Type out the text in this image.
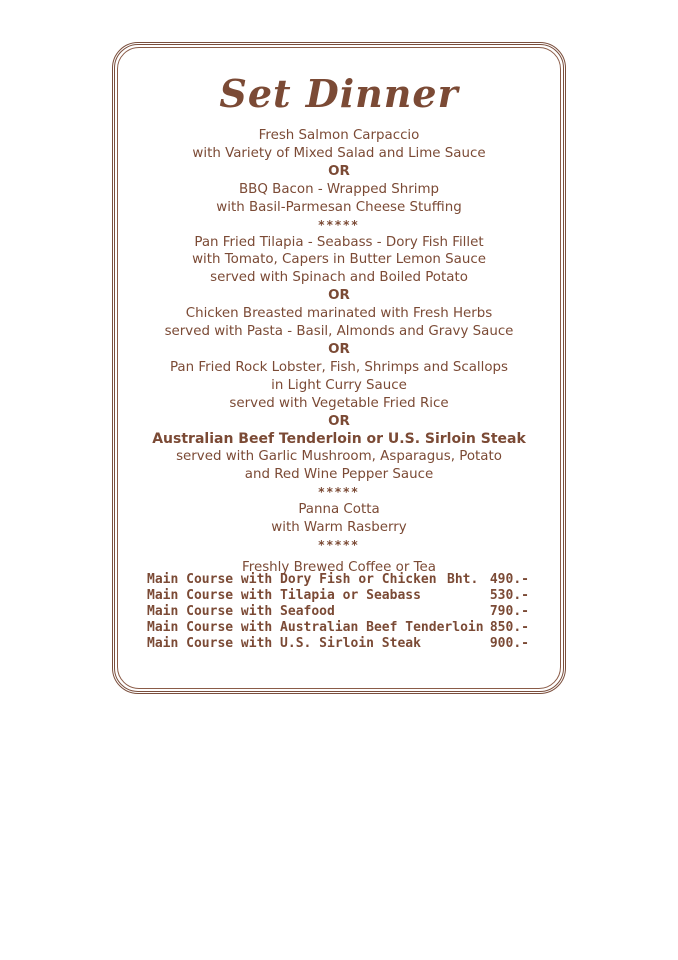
Set Dinner
Fresh Salmon Carpaccio
with Variety of Mixed Salad and Lime Sauce
OR
BBQ Bacon - Wrapped Shrimp
with Basil-Parmesan Cheese Stuffing
*****
Pan Fried Tilapia - Seabass - Dory Fish Fillet
with Tomato, Capers in Butter Lemon Sauce
served with Spinach and Boiled Potato
OR
Chicken Breasted marinated with Fresh Herbs
served with Pasta - Basil, Almonds and Gravy Sauce
OR
Pan Fried Rock Lobster, Fish, Shrimps and Scallops
in Light Curry Sauce
served with Vegetable Fried Rice
OR
Australian Beef Tenderloin or U.S. Sirloin Steak
served with Garlic Mushroom, Asparagus, Potato
and Red Wine Pepper Sauce
*****
Panna Cotta
with Warm Rasberry
*****
Freshly Brewed Coffee or Tea
Main Course with Dory Fish or Chicken Bht. 490.-
Main Course with Tilapia or Seabass	530.-
Main Course with Seafood	790.-
Main Course with Australian Beef Tenderloin 850.-
Main Course with U.S. Sirloin Steak	900.-
